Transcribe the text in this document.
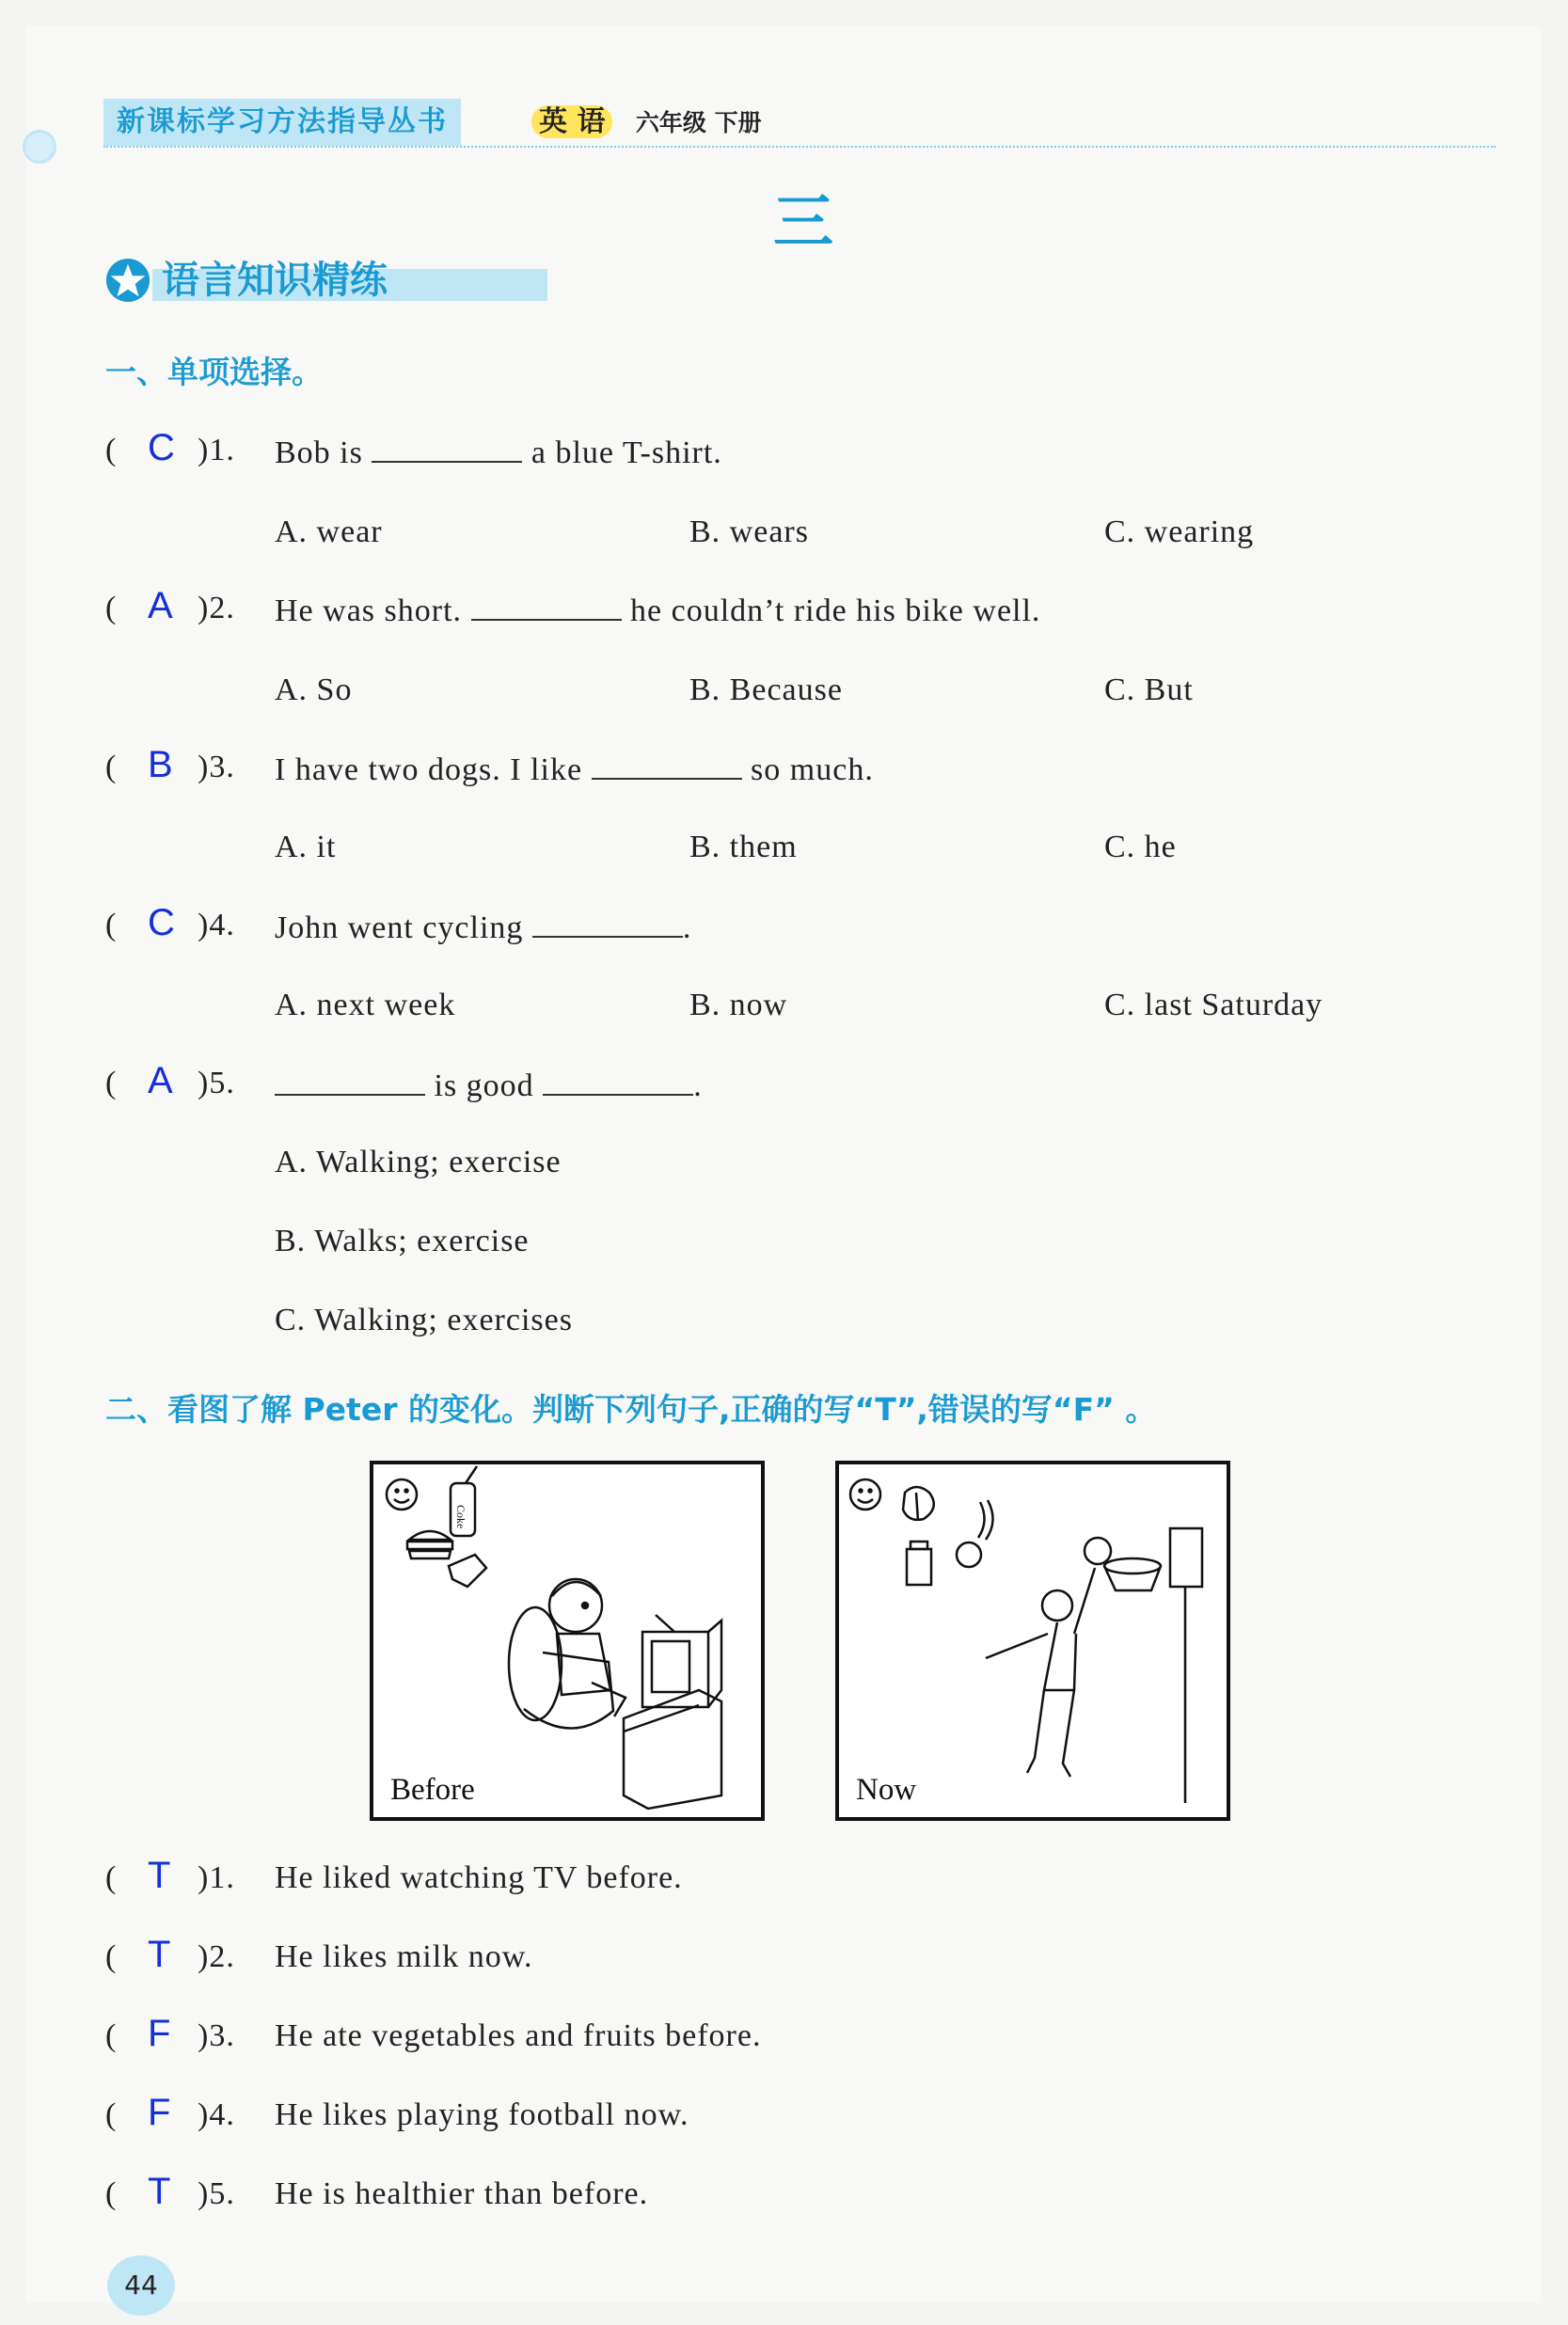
新课标学习方法指导丛书	英 语 六年级 下册
三
语言知识精练
一、单项选择。
( C )1. Bob is	a blue T-shirt.
A. wear	B. wears	C. wearing
( A )2. He was short.	he couldn’t ride his bike well.
A. So	B. Because	C. But
( B )3. I have two dogs. I like	so much.
A. it	B. them	C. he
( C )4. John went cycling	.
A. next week	B. now	C. last Saturday
( A )5.	is good	.
A. Walking; exercise
B. Walks; exercise
C. Walking; exercises
二、看图了解 Peter 的变化。判断下列句子,正确的写“T”,错误的写“F” 。
Coke
Before	Now
( T )1. He liked watching TV before.
( T )2. He likes milk now.
( F )3. He ate vegetables and fruits before.
( F )4. He likes playing football now.
( T )5. He is healthier than before.
44
